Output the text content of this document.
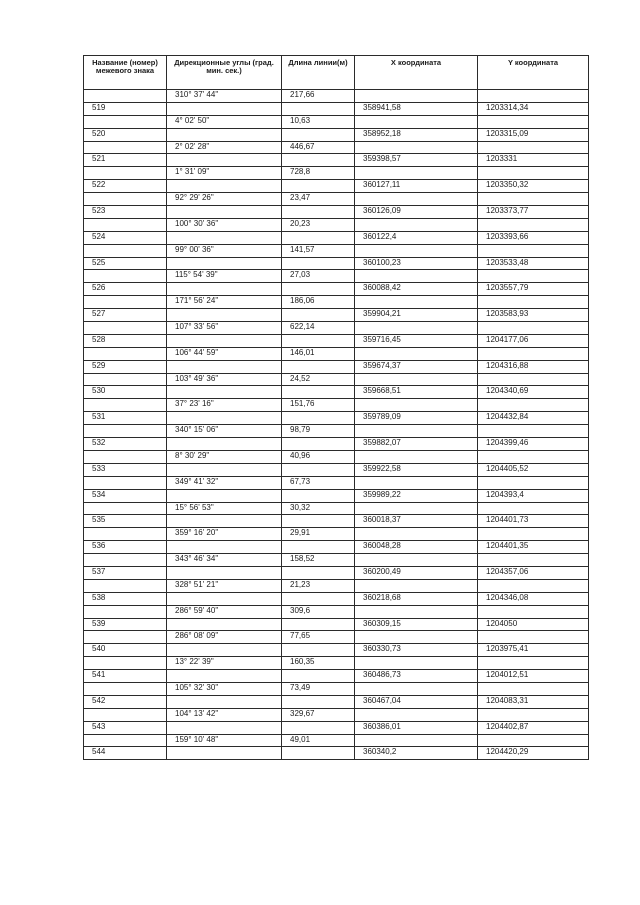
Название (номер) межевого знака	Дирекционные углы (град. мин. сек.)	Длина линии(м)	X координата	Y координата
	310° 37' 44"	217,66		
519			358941,58	1203314,34
	4° 02' 50"	10,63		
520			358952,18	1203315,09
	2° 02' 28"	446,67		
521			359398,57	1203331
	1° 31' 09"	728,8		
522			360127,11	1203350,32
	92° 29' 26"	23,47		
523			360126,09	1203373,77
	100° 30' 36"	20,23		
524			360122,4	1203393,66
	99° 00' 36"	141,57		
525			360100,23	1203533,48
	115° 54' 39"	27,03		
526			360088,42	1203557,79
	171° 56' 24"	186,06		
527			359904,21	1203583,93
	107° 33' 56"	622,14		
528			359716,45	1204177,06
	106° 44' 59"	146,01		
529			359674,37	1204316,88
	103° 49' 36"	24,52		
530			359668,51	1204340,69
	37° 23' 16"	151,76		
531			359789,09	1204432,84
	340° 15' 06"	98,79		
532			359882,07	1204399,46
	8° 30' 29"	40,96		
533			359922,58	1204405,52
	349° 41' 32"	67,73		
534			359989,22	1204393,4
	15° 56' 53"	30,32		
535			360018,37	1204401,73
	359° 16' 20"	29,91		
536			360048,28	1204401,35
	343° 46' 34"	158,52		
537			360200,49	1204357,06
	328° 51' 21"	21,23		
538			360218,68	1204346,08
	286° 59' 40"	309,6		
539			360309,15	1204050
	286° 08' 09"	77,65		
540			360330,73	1203975,41
	13° 22' 39"	160,35		
541			360486,73	1204012,51
	105° 32' 30"	73,49		
542			360467,04	1204083,31
	104° 13' 42"	329,67		
543			360386,01	1204402,87
	159° 10' 48"	49,01		
544			360340,2	1204420,29
